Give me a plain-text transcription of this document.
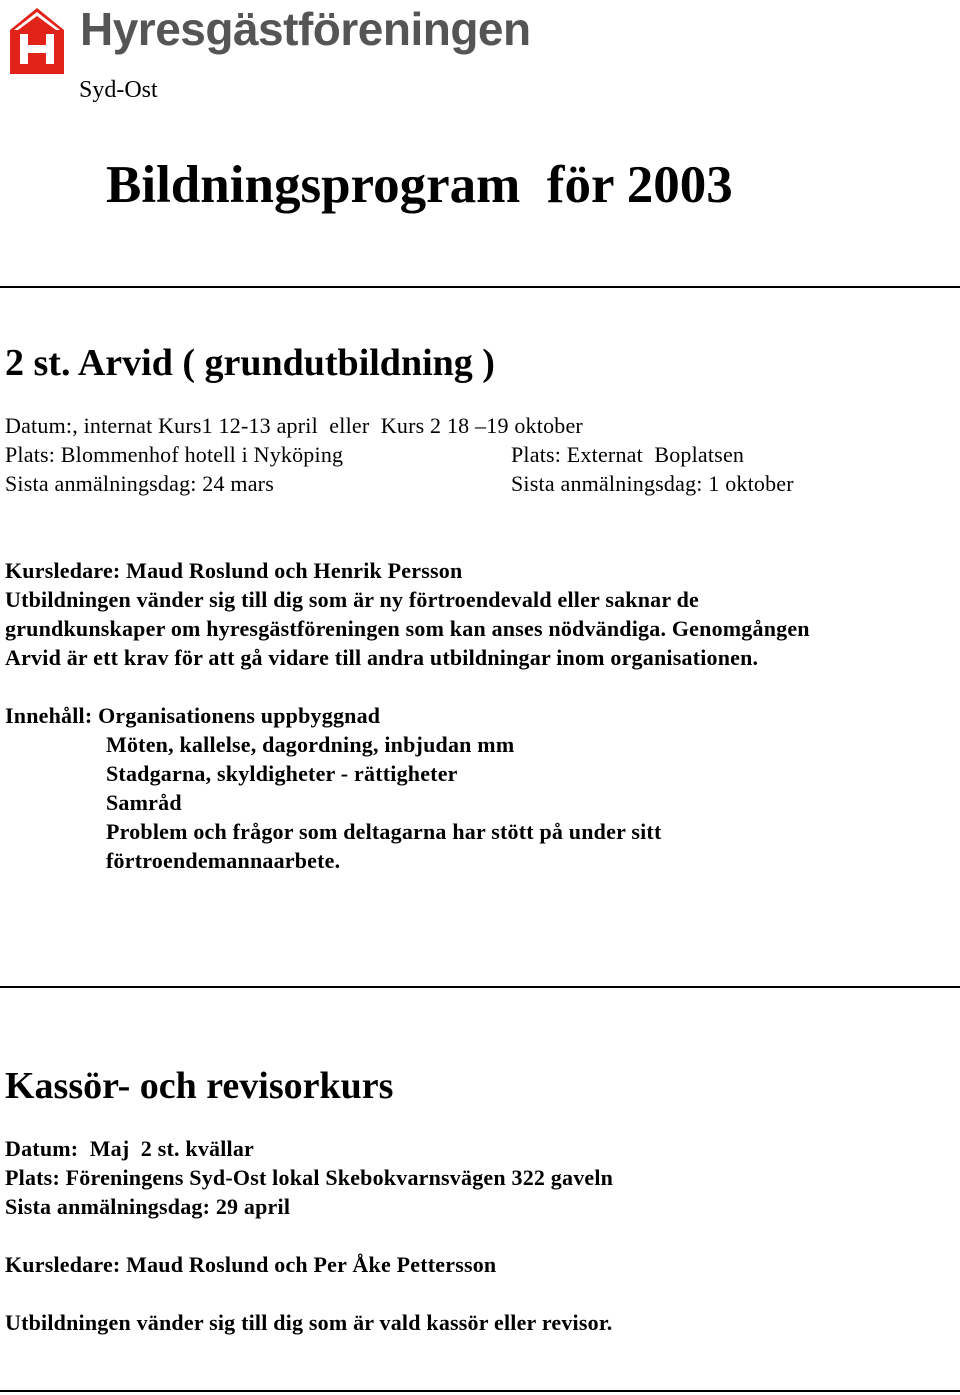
Hyresgästföreningen
Syd-Ost
Bildningsprogram  för 2003
2 st. Arvid ( grundutbildning )
Datum:, internat Kurs1 12-13 april  eller  Kurs 2 18 –19 oktober
Plats: Blommenhof hotell i Nyköping	Plats: Externat  Boplatsen
Sista anmälningsdag: 24 mars	Sista anmälningsdag: 1 oktober
Kursledare: Maud Roslund och Henrik Persson
Utbildningen vänder sig till dig som är ny förtroendevald eller saknar de
grundkunskaper om hyresgästföreningen som kan anses nödvändiga. Genomgången
Arvid är ett krav för att gå vidare till andra utbildningar inom organisationen.
Innehåll: Organisationens uppbyggnad
Möten, kallelse, dagordning, inbjudan mm
Stadgarna, skyldigheter - rättigheter
Samråd
Problem och frågor som deltagarna har stött på under sitt
förtroendemannaarbete.
Kassör- och revisorkurs
Datum:  Maj  2 st. kvällar
Plats: Föreningens Syd-Ost lokal Skebokvarnsvägen 322 gaveln
Sista anmälningsdag: 29 april
Kursledare: Maud Roslund och Per Åke Pettersson
Utbildningen vänder sig till dig som är vald kassör eller revisor.
